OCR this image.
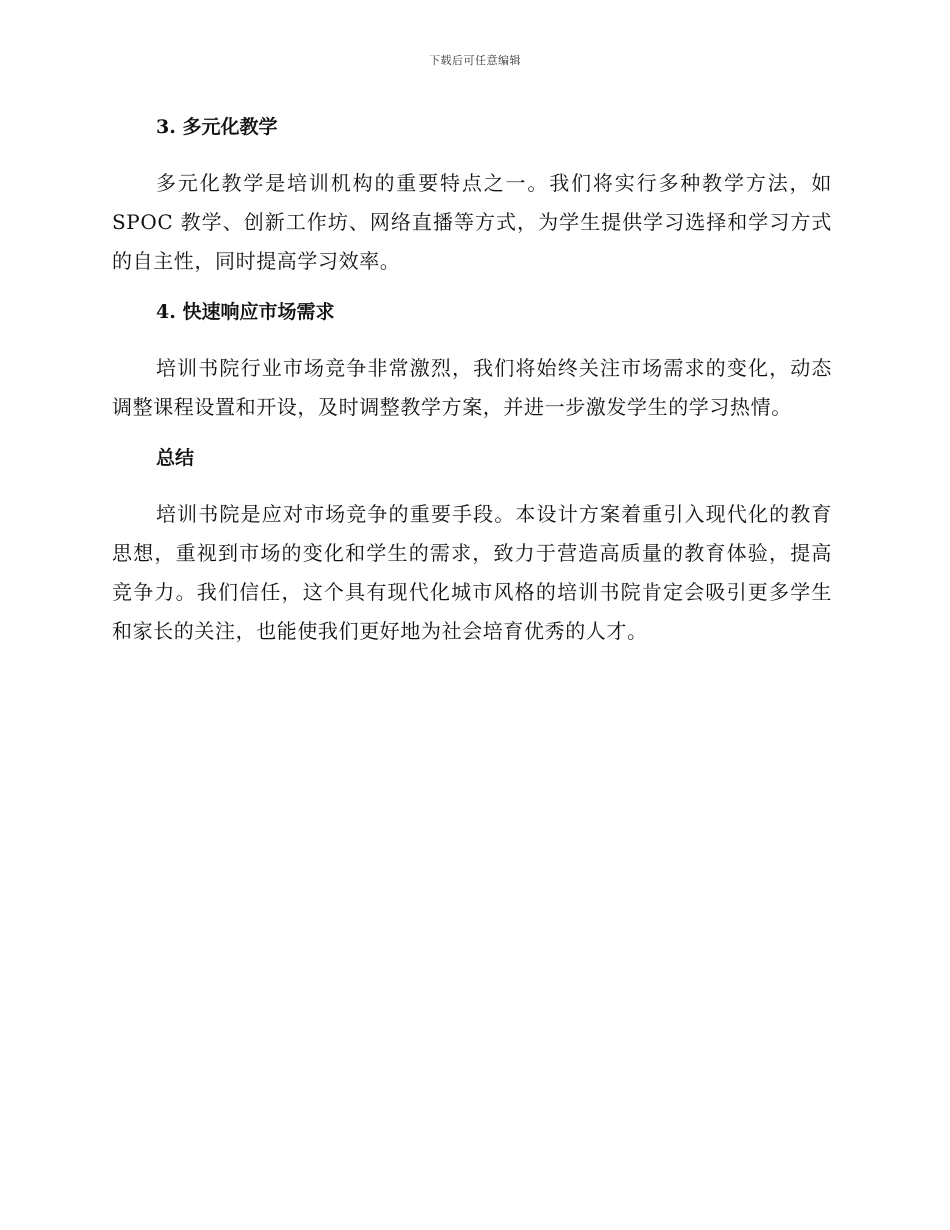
下载后可任意编辑
3. 多元化教学

多元化教学是培训机构的重要特点之一。我们将实行多种教学方法，如SPOC 教学、创新工作坊、网络直播等方式，为学生提供学习选择和学习方式的自主性，同时提高学习效率。

4. 快速响应市场需求

培训书院行业市场竞争非常激烈，我们将始终关注市场需求的变化，动态调整课程设置和开设，及时调整教学方案，并进一步激发学生的学习热情。

总结

培训书院是应对市场竞争的重要手段。本设计方案着重引入现代化的教育思想，重视到市场的变化和学生的需求，致力于营造高质量的教育体验，提高竞争力。我们信任，这个具有现代化城市风格的培训书院肯定会吸引更多学生和家长的关注，也能使我们更好地为社会培育优秀的人才。
